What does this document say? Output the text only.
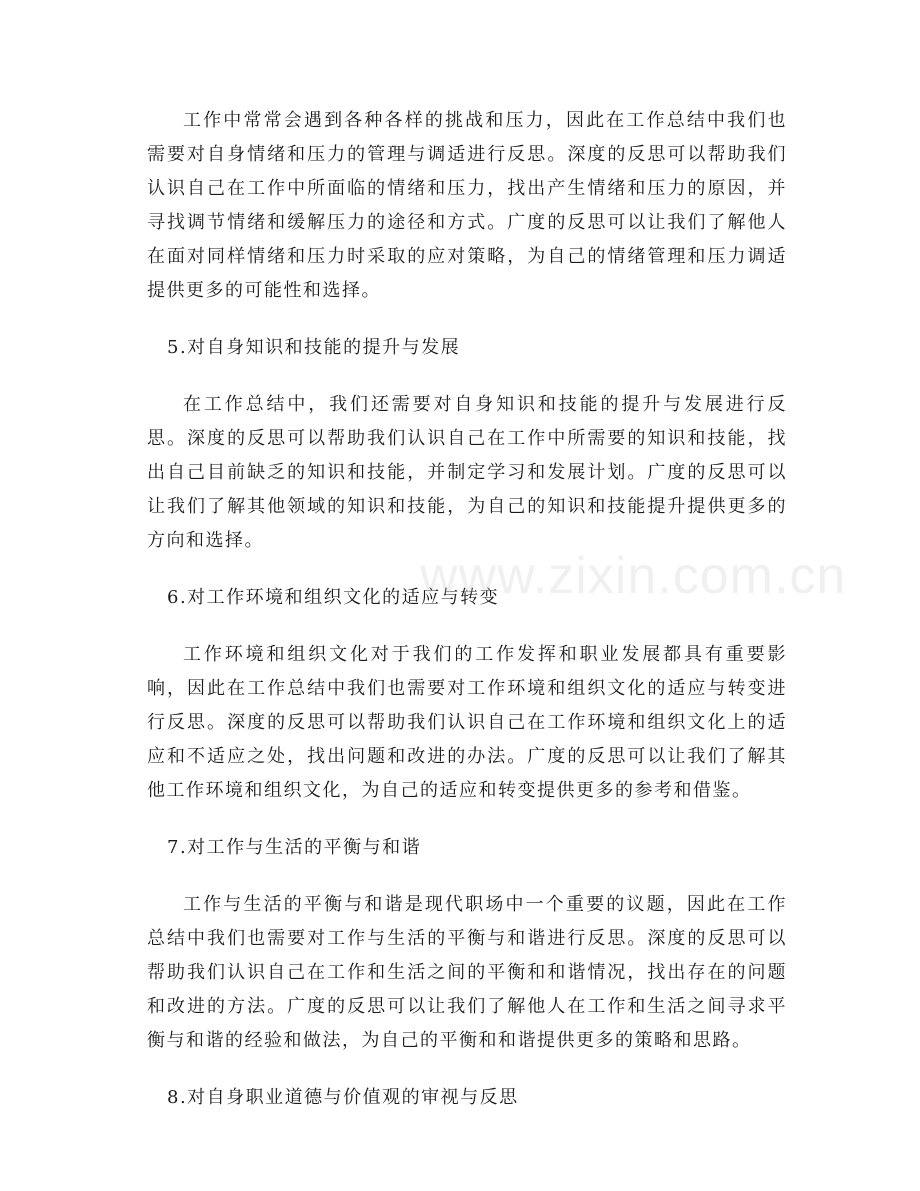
工作中常常会遇到各种各样的挑战和压力，因此在工作总结中我们也需要对自身情绪和压力的管理与调适进行反思。深度的反思可以帮助我们认识自己在工作中所面临的情绪和压力，找出产生情绪和压力的原因，并寻找调节情绪和缓解压力的途径和方式。广度的反思可以让我们了解他人在面对同样情绪和压力时采取的应对策略，为自己的情绪管理和压力调适提供更多的可能性和选择。

5.对自身知识和技能的提升与发展

在工作总结中，我们还需要对自身知识和技能的提升与发展进行反思。深度的反思可以帮助我们认识自己在工作中所需要的知识和技能，找出自己目前缺乏的知识和技能，并制定学习和发展计划。广度的反思可以让我们了解其他领域的知识和技能，为自己的知识和技能提升提供更多的方向和选择。

6.对工作环境和组织文化的适应与转变

工作环境和组织文化对于我们的工作发挥和职业发展都具有重要影响，因此在工作总结中我们也需要对工作环境和组织文化的适应与转变进行反思。深度的反思可以帮助我们认识自己在工作环境和组织文化上的适应和不适应之处，找出问题和改进的办法。广度的反思可以让我们了解其他工作环境和组织文化，为自己的适应和转变提供更多的参考和借鉴。

7.对工作与生活的平衡与和谐

工作与生活的平衡与和谐是现代职场中一个重要的议题，因此在工作总结中我们也需要对工作与生活的平衡与和谐进行反思。深度的反思可以帮助我们认识自己在工作和生活之间的平衡和和谐情况，找出存在的问题和改进的方法。广度的反思可以让我们了解他人在工作和生活之间寻求平衡与和谐的经验和做法，为自己的平衡和和谐提供更多的策略和思路。

8.对自身职业道德与价值观的审视与反思

www.zixin.com.cn
